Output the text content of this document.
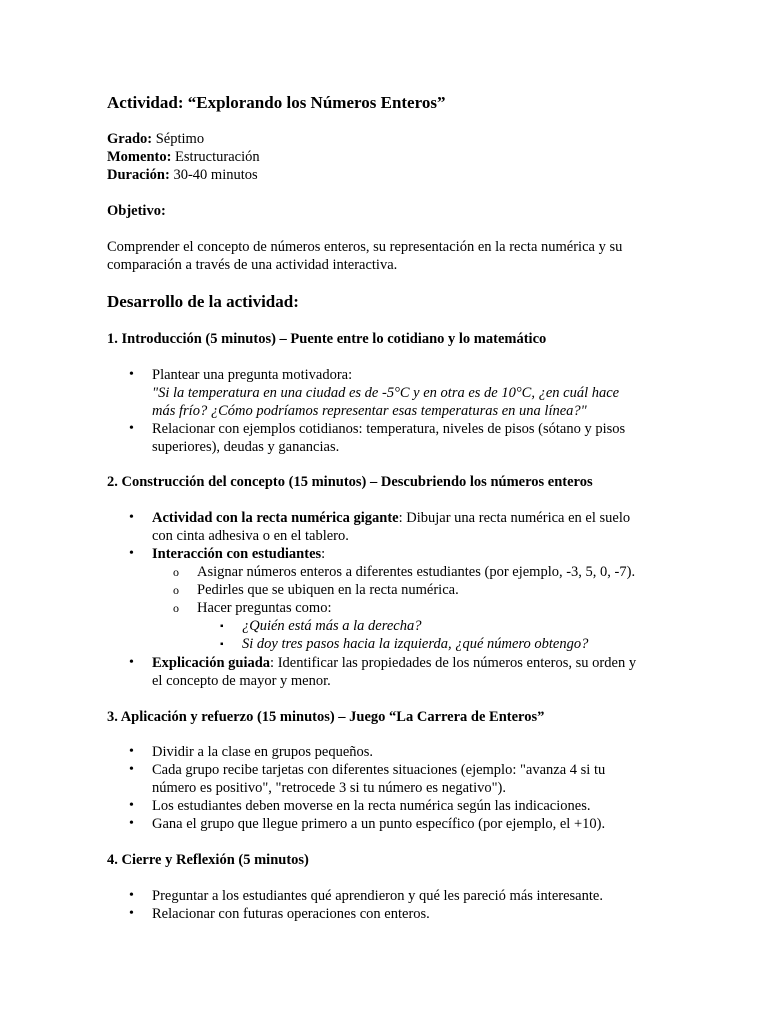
Actividad: “Explorando los Números Enteros”
Grado: Séptimo
Momento: Estructuración
Duración: 30-40 minutos
Objetivo:
Comprender el concepto de números enteros, su representación en la recta numérica y su
comparación a través de una actividad interactiva.
Desarrollo de la actividad:
1. Introducción (5 minutos) – Puente entre lo cotidiano y lo matemático
• Plantear una pregunta motivadora:
"Si la temperatura en una ciudad es de -5°C y en otra es de 10°C, ¿en cuál hace
más frío? ¿Cómo podríamos representar esas temperaturas en una línea?"
• Relacionar con ejemplos cotidianos: temperatura, niveles de pisos (sótano y pisos
superiores), deudas y ganancias.
2. Construcción del concepto (15 minutos) – Descubriendo los números enteros
• Actividad con la recta numérica gigante: Dibujar una recta numérica en el suelo
con cinta adhesiva o en el tablero.
• Interacción con estudiantes:
o Asignar números enteros a diferentes estudiantes (por ejemplo, -3, 5, 0, -7).
o Pedirles que se ubiquen en la recta numérica.
o Hacer preguntas como:
▪ ¿Quién está más a la derecha?
▪ Si doy tres pasos hacia la izquierda, ¿qué número obtengo?
• Explicación guiada: Identificar las propiedades de los números enteros, su orden y
el concepto de mayor y menor.
3. Aplicación y refuerzo (15 minutos) – Juego “La Carrera de Enteros”
• Dividir a la clase en grupos pequeños.
• Cada grupo recibe tarjetas con diferentes situaciones (ejemplo: "avanza 4 si tu
número es positivo", "retrocede 3 si tu número es negativo").
• Los estudiantes deben moverse en la recta numérica según las indicaciones.
• Gana el grupo que llegue primero a un punto específico (por ejemplo, el +10).
4. Cierre y Reflexión (5 minutos)
• Preguntar a los estudiantes qué aprendieron y qué les pareció más interesante.
• Relacionar con futuras operaciones con enteros.
